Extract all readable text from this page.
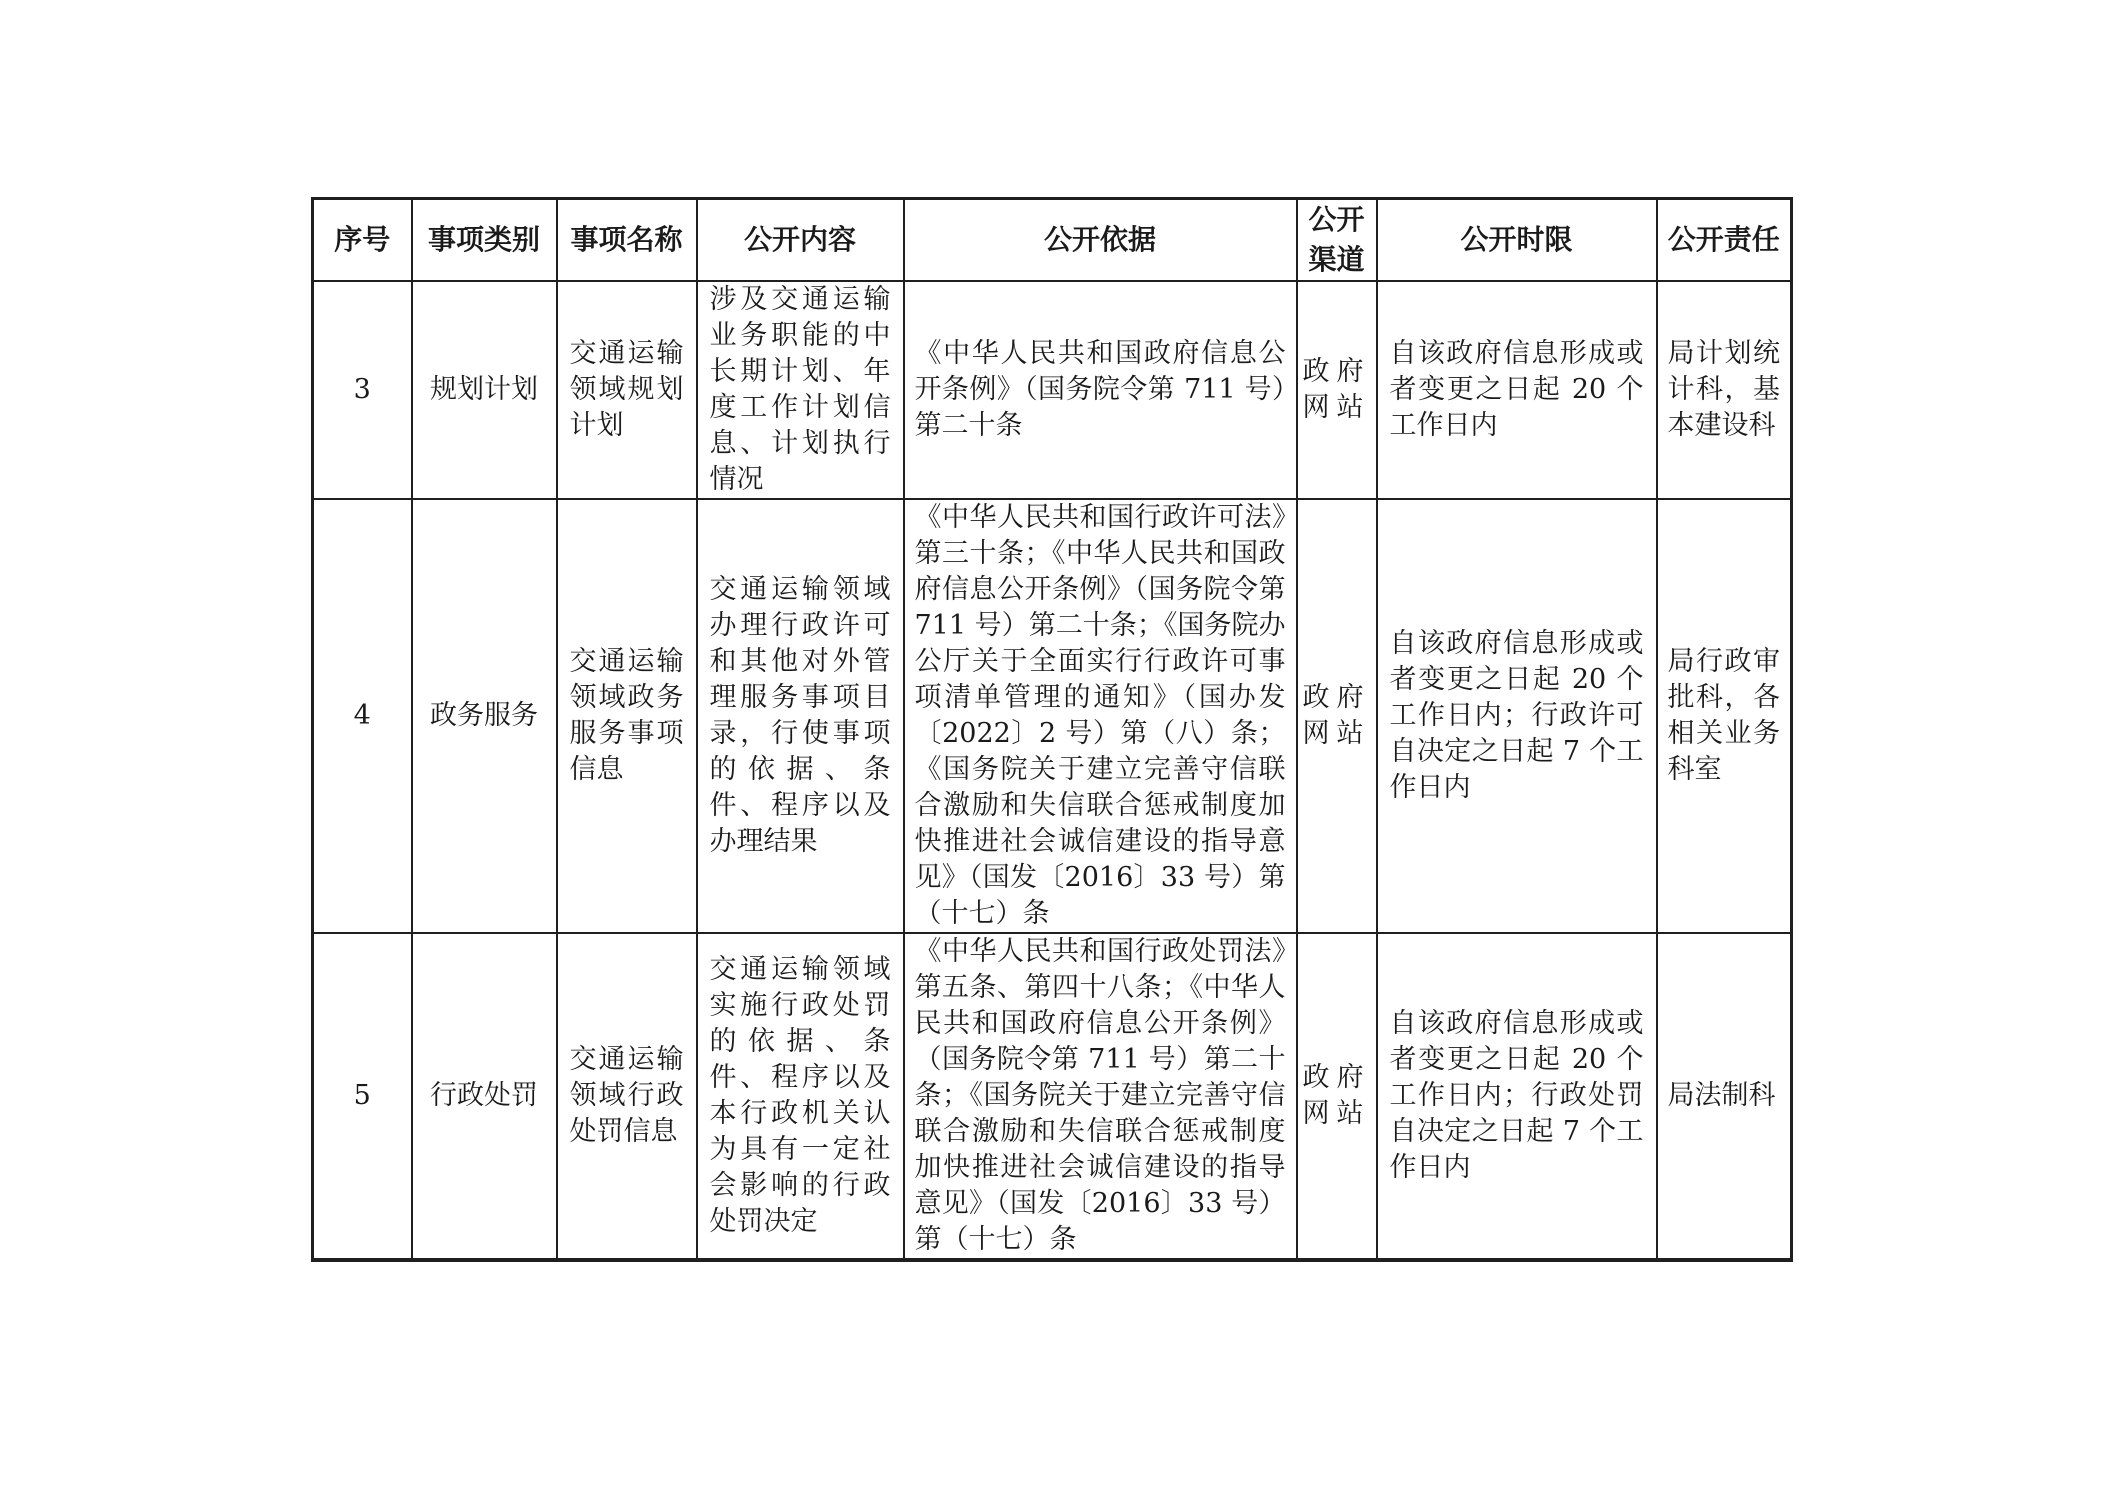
序号	事项类别	事项名称	公开内容	公开依据	公开渠道	公开时限	公开责任
3	规划计划	交通运输领域规划计划	涉及交通运输业务职能的中长期计划、年度工作计划信息、计划执行情况	《中华人民共和国政府信息公开条例》（国务院令第 711 号）第二十条	政府网站	自该政府信息形成或者变更之日起 20 个工作日内	局计划统计科，基本建设科
4	政务服务	交通运输领域政务服务事项信息	交通运输领域办理行政许可和其他对外管理服务事项目录，行使事项的依据、条件、程序以及办理结果	《中华人民共和国行政许可法》第三十条；《中华人民共和国政府信息公开条例》（国务院令第 711 号）第二十条；《国务院办公厅关于全面实行行政许可事项清单管理的通知》（国办发〔2022〕2 号）第（八）条；《国务院关于建立完善守信联合激励和失信联合惩戒制度加快推进社会诚信建设的指导意见》（国发〔2016〕33 号）第（十七）条	政府网站	自该政府信息形成或者变更之日起 20 个工作日内；行政许可自决定之日起 7 个工作日内	局行政审批科，各相关业务科室
5	行政处罚	交通运输领域行政处罚信息	交通运输领域实施行政处罚的依据、条件、程序以及本行政机关认为具有一定社会影响的行政处罚决定	《中华人民共和国行政处罚法》第五条、第四十八条；《中华人民共和国政府信息公开条例》（国务院令第 711 号）第二十条；《国务院关于建立完善守信联合激励和失信联合惩戒制度加快推进社会诚信建设的指导意见》（国发〔2016〕33 号）第（十七）条	政府网站	自该政府信息形成或者变更之日起 20 个工作日内；行政处罚自决定之日起 7 个工作日内	局法制科
